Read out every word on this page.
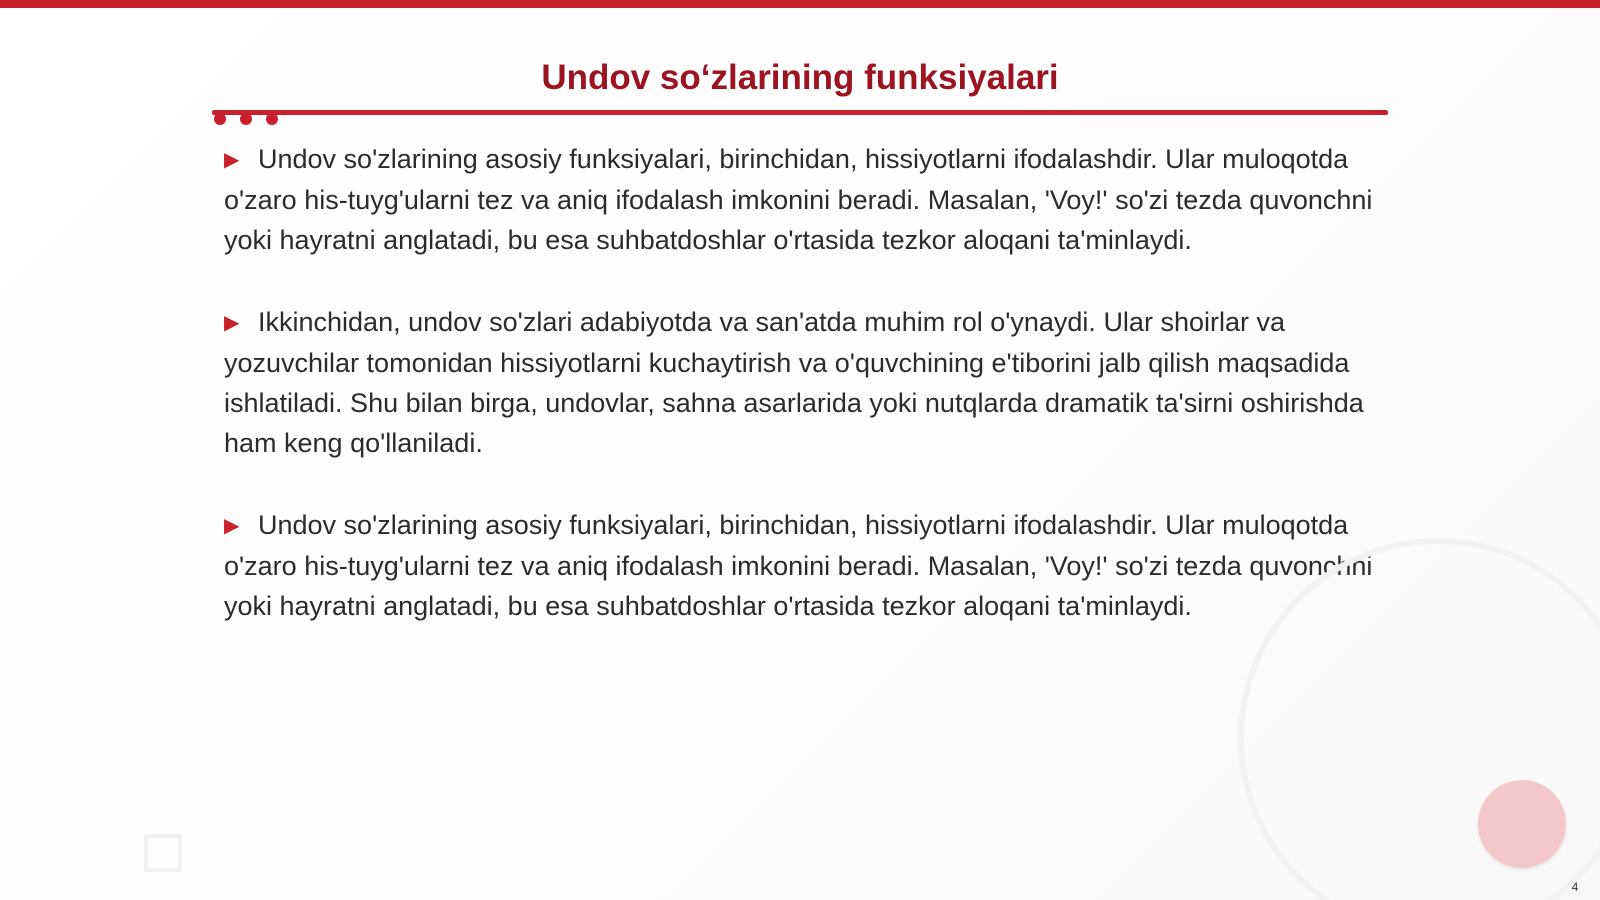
Undov so‘zlarining funksiyalari

▶ Undov so'zlarining asosiy funksiyalari, birinchidan, hissiyotlarni ifodalashdir. Ular muloqotda o'zaro his-tuyg'ularni tez va aniq ifodalash imkonini beradi. Masalan, 'Voy!' so'zi tezda quvonchni yoki hayratni anglatadi, bu esa suhbatdoshlar o'rtasida tezkor aloqani ta'minlaydi.

▶ Ikkinchidan, undov so'zlari adabiyotda va san'atda muhim rol o'ynaydi. Ular shoirlar va yozuvchilar tomonidan hissiyotlarni kuchaytirish va o'quvchining e'tiborini jalb qilish maqsadida ishlatiladi. Shu bilan birga, undovlar, sahna asarlarida yoki nutqlarda dramatik ta'sirni oshirishda ham keng qo'llaniladi.

▶ Undov so'zlarining asosiy funksiyalari, birinchidan, hissiyotlarni ifodalashdir. Ular muloqotda o'zaro his-tuyg'ularni tez va aniq ifodalash imkonini beradi. Masalan, 'Voy!' so'zi tezda quvonchni yoki hayratni anglatadi, bu esa suhbatdoshlar o'rtasida tezkor aloqani ta'minlaydi.

4
